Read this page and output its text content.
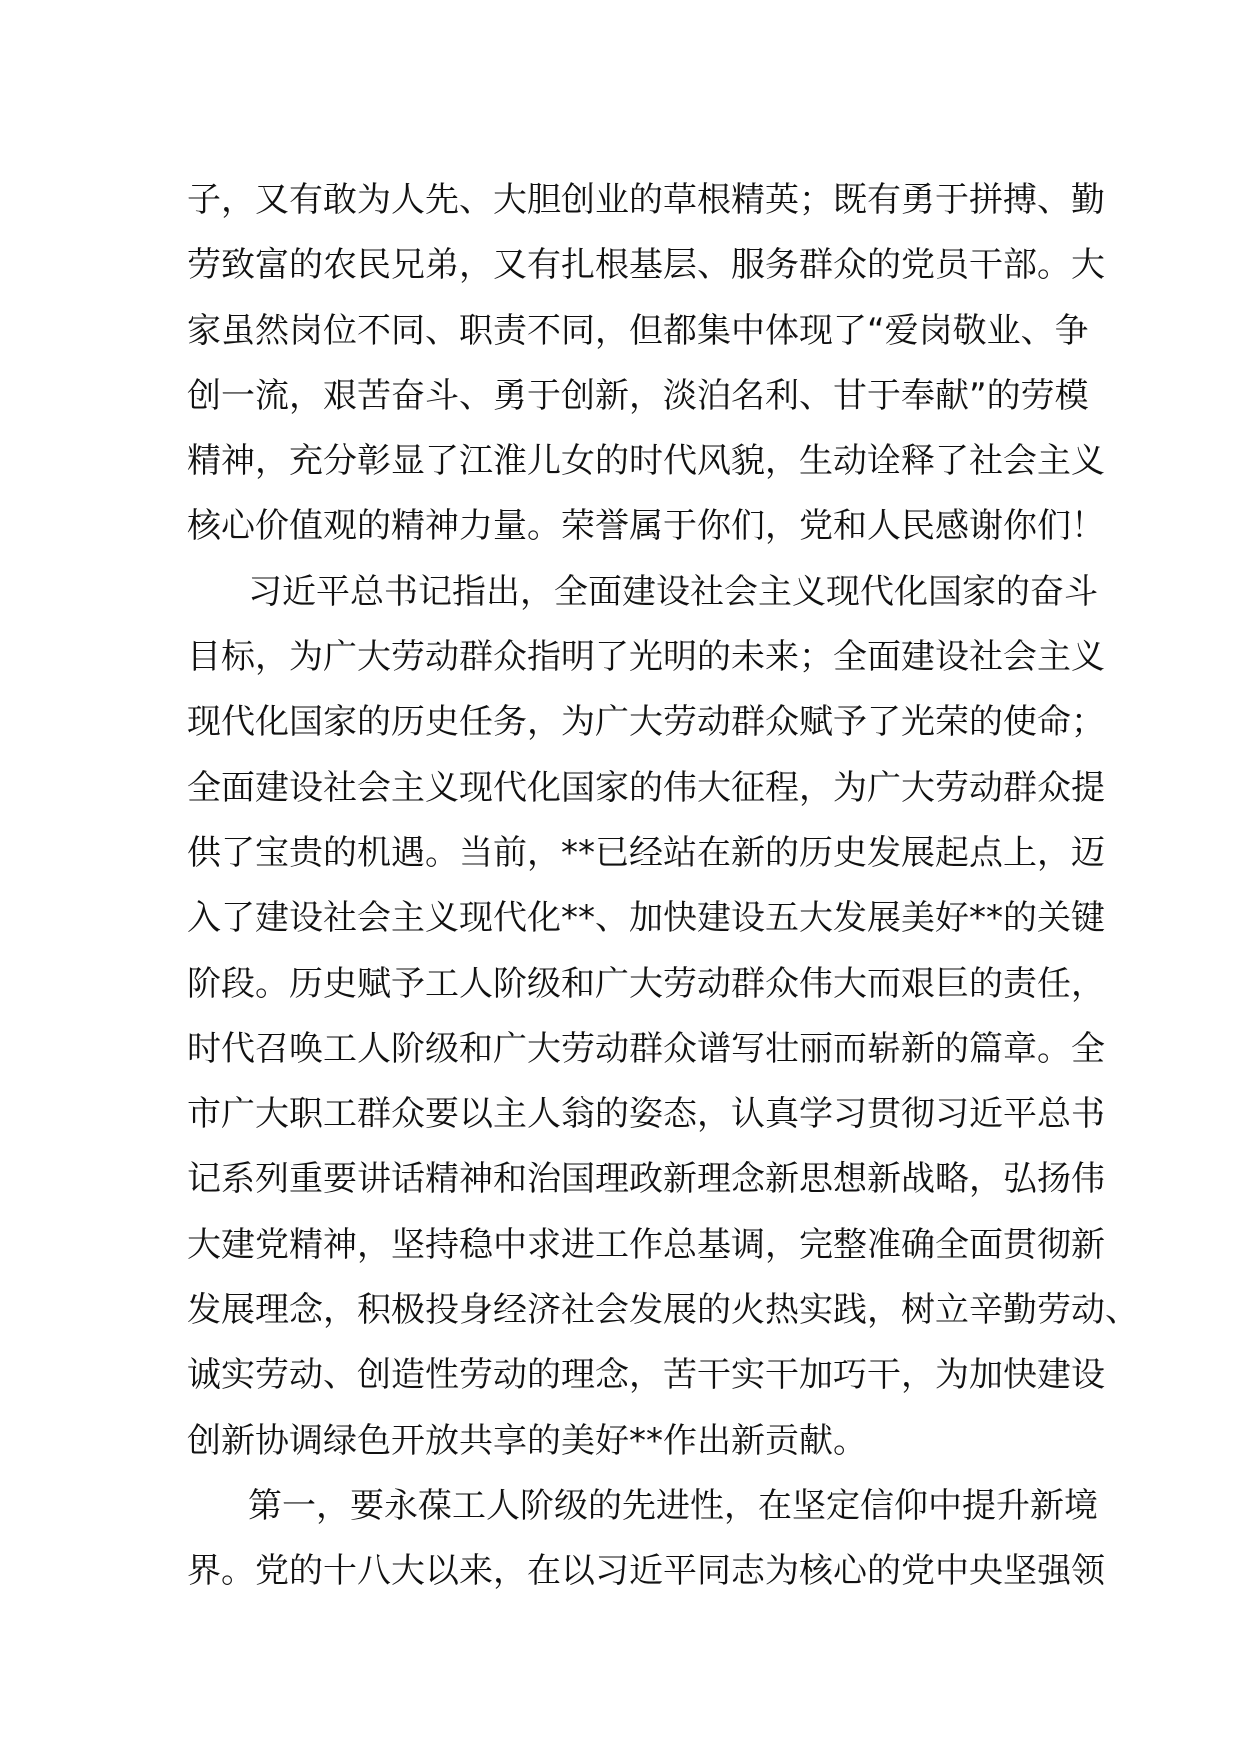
子，又有敢为人先、大胆创业的草根精英；既有勇于拼搏、勤
劳致富的农民兄弟，又有扎根基层、服务群众的党员干部。大
家虽然岗位不同、职责不同，但都集中体现了“爱岗敬业、争
创一流，艰苦奋斗、勇于创新，淡泊名利、甘于奉献”的劳模
精神，充分彰显了江淮儿女的时代风貌，生动诠释了社会主义
核心价值观的精神力量。荣誉属于你们，党和人民感谢你们！
习近平总书记指出，全面建设社会主义现代化国家的奋斗
目标，为广大劳动群众指明了光明的未来；全面建设社会主义
现代化国家的历史任务，为广大劳动群众赋予了光荣的使命；
全面建设社会主义现代化国家的伟大征程，为广大劳动群众提
供了宝贵的机遇。当前，**已经站在新的历史发展起点上，迈
入了建设社会主义现代化**、加快建设五大发展美好**的关键
阶段。历史赋予工人阶级和广大劳动群众伟大而艰巨的责任，
时代召唤工人阶级和广大劳动群众谱写壮丽而崭新的篇章。全
市广大职工群众要以主人翁的姿态，认真学习贯彻习近平总书
记系列重要讲话精神和治国理政新理念新思想新战略，弘扬伟
大建党精神，坚持稳中求进工作总基调，完整准确全面贯彻新
发展理念，积极投身经济社会发展的火热实践，树立辛勤劳动、
诚实劳动、创造性劳动的理念，苦干实干加巧干，为加快建设
创新协调绿色开放共享的美好**作出新贡献。
第一，要永葆工人阶级的先进性，在坚定信仰中提升新境
界。党的十八大以来，在以习近平同志为核心的党中央坚强领
